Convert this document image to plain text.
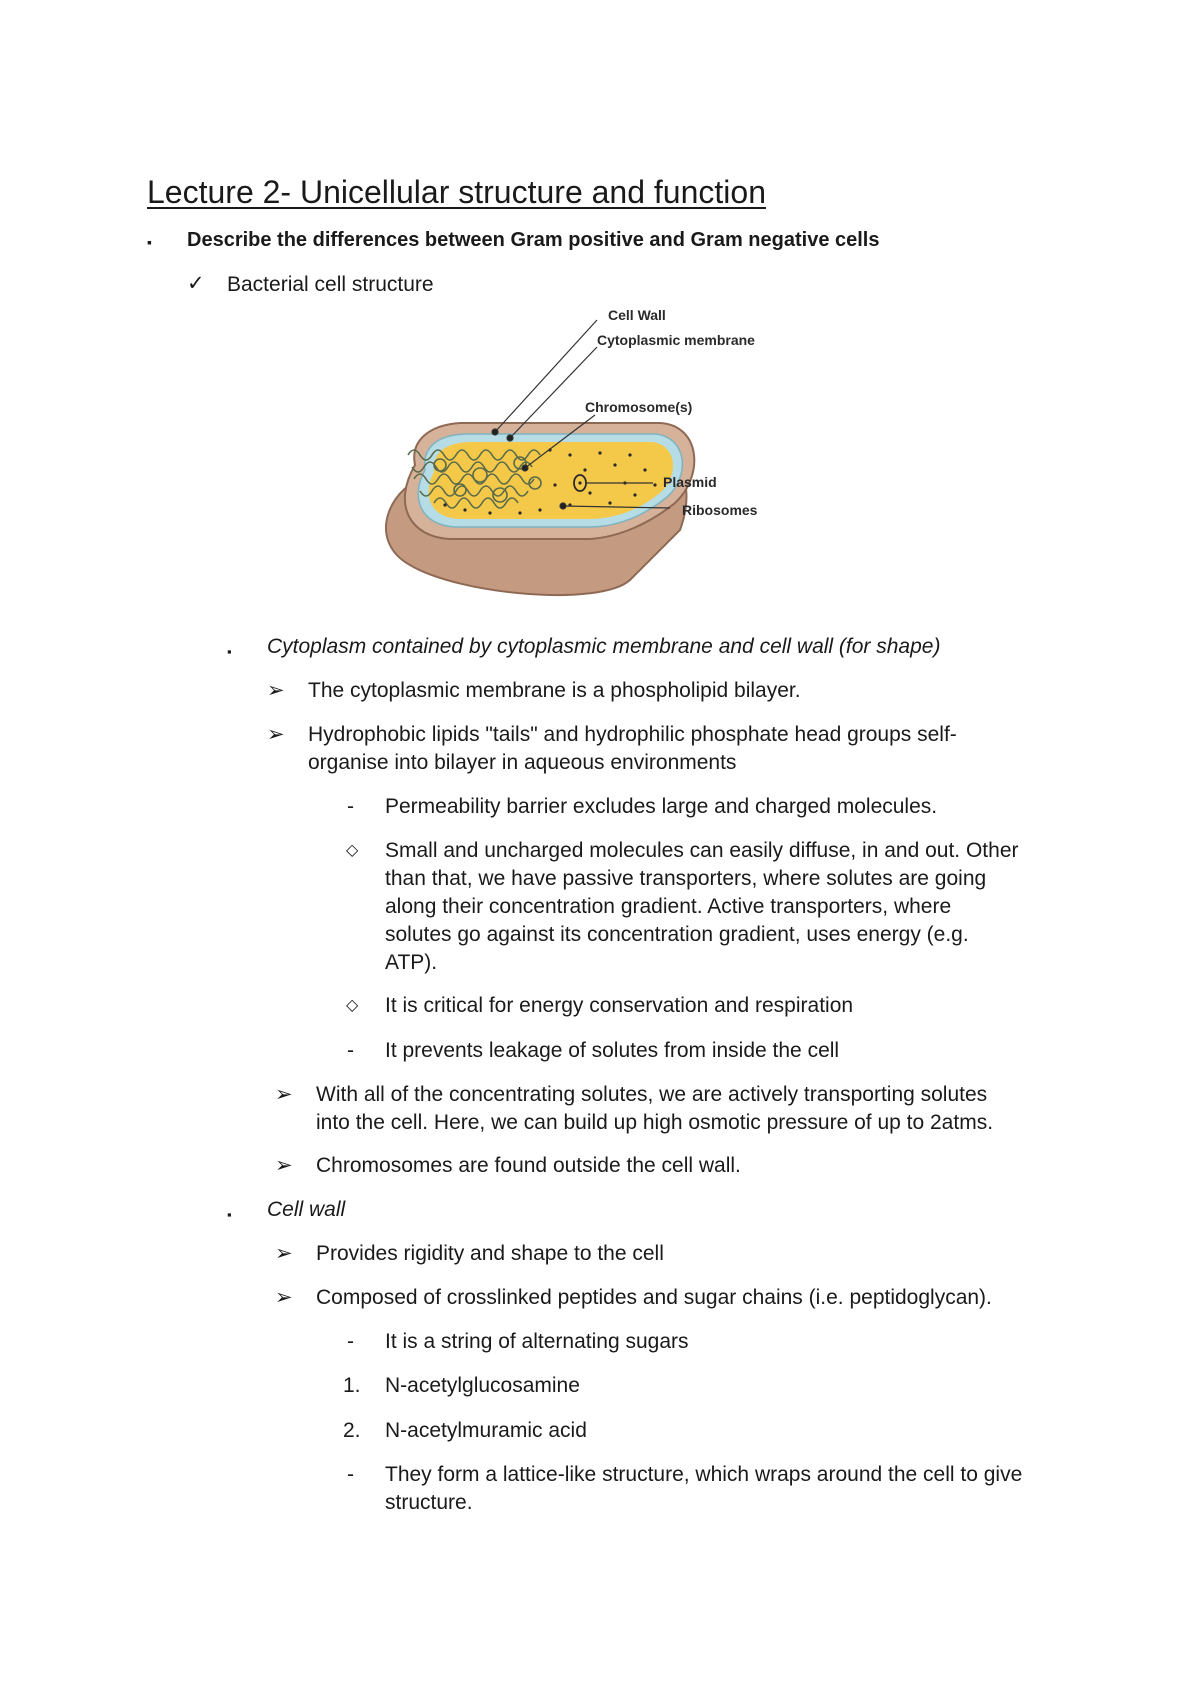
Lecture 2- Unicellular structure and function
▪ Describe the differences between Gram positive and Gram negative cells
✓ Bacterial cell structure
Cell Wall
Cytoplasmic membrane
Chromosome(s)
Plasmid
Ribosomes
▪ Cytoplasm contained by cytoplasmic membrane and cell wall (for shape)
➢ The cytoplasmic membrane is a phospholipid bilayer.
➢ Hydrophobic lipids "tails" and hydrophilic phosphate head groups self-
organise into bilayer in aqueous environments
- Permeability barrier excludes large and charged molecules.
◇ Small and uncharged molecules can easily diffuse, in and out. Other
than that, we have passive transporters, where solutes are going
along their concentration gradient. Active transporters, where
solutes go against its concentration gradient, uses energy (e.g.
ATP).
◇ It is critical for energy conservation and respiration
- It prevents leakage of solutes from inside the cell
➢ With all of the concentrating solutes, we are actively transporting solutes
into the cell. Here, we can build up high osmotic pressure of up to 2atms.
➢ Chromosomes are found outside the cell wall.
▪ Cell wall
➢ Provides rigidity and shape to the cell
➢ Composed of crosslinked peptides and sugar chains (i.e. peptidoglycan).
- It is a string of alternating sugars
1. N-acetylglucosamine
2. N-acetylmuramic acid
- They form a lattice-like structure, which wraps around the cell to give
structure.
